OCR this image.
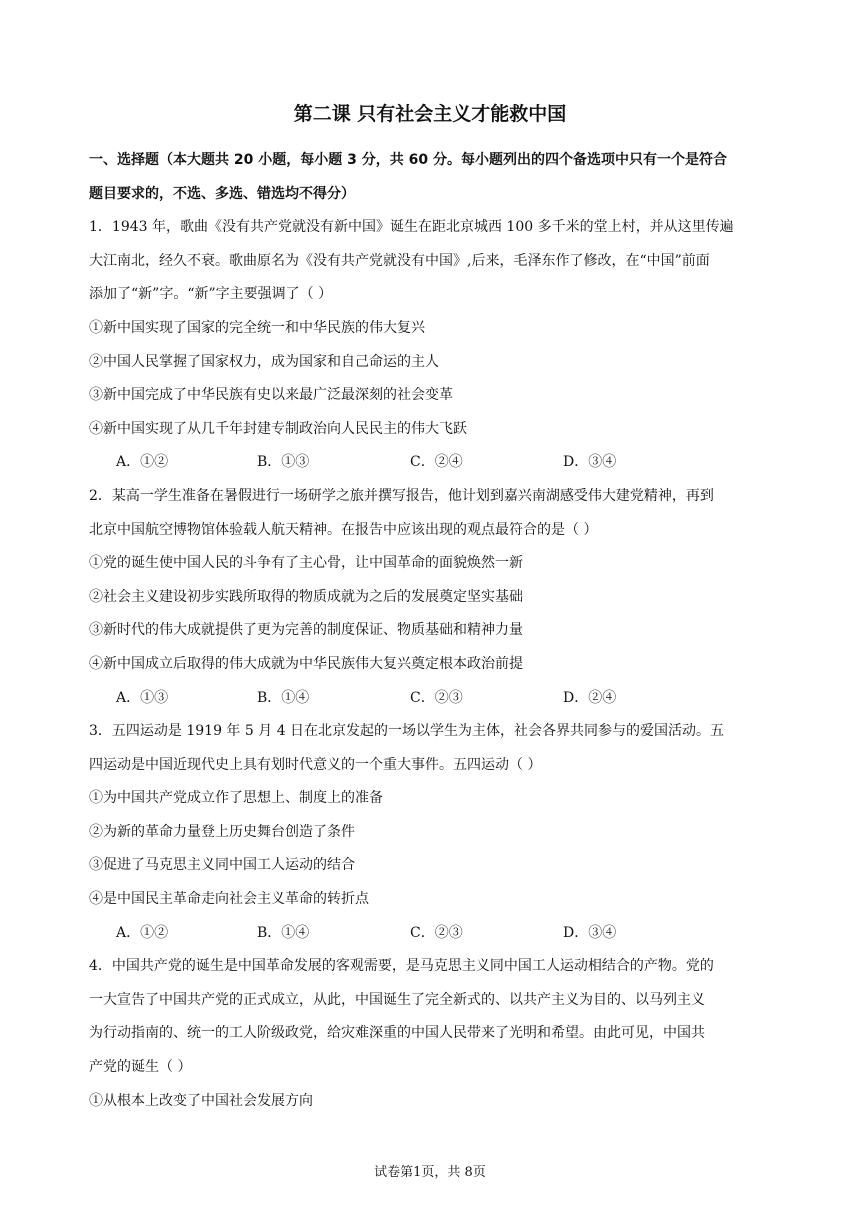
第二课 只有社会主义才能救中国
一、选择题（本大题共 20 小题，每小题 3 分，共 60 分。每小题列出的四个备选项中只有一个是符合
题目要求的，不选、多选、错选均不得分）
1．1943 年，歌曲《没有共产党就没有新中国》诞生在距北京城西 100 多千米的堂上村，并从这里传遍
大江南北，经久不衰。歌曲原名为《没有共产党就没有中国》,后来，毛泽东作了修改，在“中国”前面
添加了“新”字。“新”字主要强调了（ ）
①新中国实现了国家的完全统一和中华民族的伟大复兴
②中国人民掌握了国家权力，成为国家和自己命运的主人
③新中国完成了中华民族有史以来最广泛最深刻的社会变革
④新中国实现了从几千年封建专制政治向人民民主的伟大飞跃
A．①②	B．①③	C．②④	D．③④
2．某高一学生准备在暑假进行一场研学之旅并撰写报告，他计划到嘉兴南湖感受伟大建党精神，再到
北京中国航空博物馆体验载人航天精神。在报告中应该出现的观点最符合的是（ ）
①党的诞生使中国人民的斗争有了主心骨，让中国革命的面貌焕然一新
②社会主义建设初步实践所取得的物质成就为之后的发展奠定坚实基础
③新时代的伟大成就提供了更为完善的制度保证、物质基础和精神力量
④新中国成立后取得的伟大成就为中华民族伟大复兴奠定根本政治前提
A．①③	B．①④	C．②③	D．②④
3．五四运动是 1919 年 5 月 4 日在北京发起的一场以学生为主体，社会各界共同参与的爱国活动。五
四运动是中国近现代史上具有划时代意义的一个重大事件。五四运动（ ）
①为中国共产党成立作了思想上、制度上的准备
②为新的革命力量登上历史舞台创造了条件
③促进了马克思主义同中国工人运动的结合
④是中国民主革命走向社会主义革命的转折点
A．①②	B．①④	C．②③	D．③④
4．中国共产党的诞生是中国革命发展的客观需要，是马克思主义同中国工人运动相结合的产物。党的
一大宣告了中国共产党的正式成立，从此，中国诞生了完全新式的、以共产主义为目的、以马列主义
为行动指南的、统一的工人阶级政党，给灾难深重的中国人民带来了光明和希望。由此可见，中国共
产党的诞生（ ）
①从根本上改变了中国社会发展方向
试卷第1页，共 8页
